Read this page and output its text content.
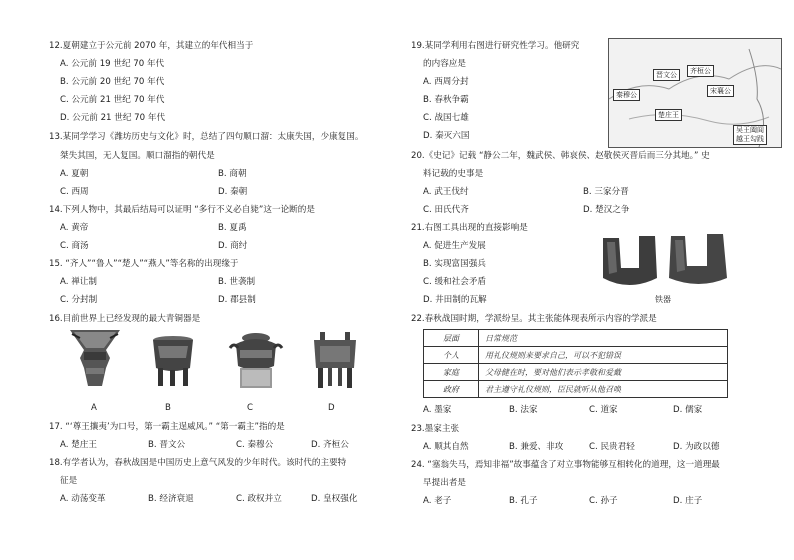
12.夏朝建立于公元前 2070 年，其建立的年代相当于
A. 公元前 19 世纪 70 年代
B. 公元前 20 世纪 70 年代
C. 公元前 21 世纪 70 年代
D. 公元前 21 世纪 70 年代
13.某同学学习《潍坊历史与文化》时，总结了四句顺口溜：太康失国，少康复国。
桀失其国，无人复国。顺口溜指的朝代是
A. 夏朝	B. 商朝
C. 西周	D. 秦朝
14.下列人物中，其最后结局可以证明 “多行不义必自毙”这一论断的是
A. 黄帝	B. 夏禹
C. 商汤	D. 商纣
15. “齐人”“鲁人”“楚人”“燕人”等名称的出现缘于
A. 禅让制	B. 世袭制
C. 分封制	D. 郡县制
16.目前世界上已经发现的最大青铜器是
A	B	C	D
17. “‘尊王攘夷’为口号，第一霸主逞威风。” “第一霸主”指的是
A. 楚庄王	B. 晋文公	C. 秦穆公	D. 齐桓公
18.有学者认为，春秋战国是中国历史上意气风发的少年时代。该时代的主要特
征是
A. 动荡变革	B. 经济衰退	C. 政权并立	D. 皇权强化
19.某同学利用右图进行研究性学习。他研究
的内容应是
A. 西周分封
B. 春秋争霸
C. 战国七雄
D. 秦灭六国
晋文公	齐桓公
秦穆公	宋襄公
楚庄王
吴王阖闾
越王勾践
20.《史记》记载 “静公二年，魏武侯、韩哀侯、赵敬侯灭晋后而三分其地。” 史
料记载的史事是
A. 武王伐纣	B. 三家分晋
C. 田氏代齐	D. 楚汉之争
21.右图工具出现的直接影响是
A. 促进生产发展
B. 实现富国强兵
C. 缓和社会矛盾
D. 井田制的瓦解	铁器
22.春秋战国时期，学派纷呈。其主张能体现表所示内容的学派是
层面	日常规范
个人	用礼仪规则来要求自己，可以不犯错误
家庭	父母健在时，要对他们表示孝敬和爱戴
政府	君主遵守礼仪规则，臣民就听从他召唤
A. 墨家	B. 法家	C. 道家	D. 儒家
23.墨家主张
A. 顺其自然	B. 兼爱、非攻	C. 民贵君轻	D. 为政以德
24. “塞翁失马，焉知非福”故事蕴含了对立事物能够互相转化的道理，这一道理最
早提出者是
A. 老子	B. 孔子	C. 孙子	D. 庄子
